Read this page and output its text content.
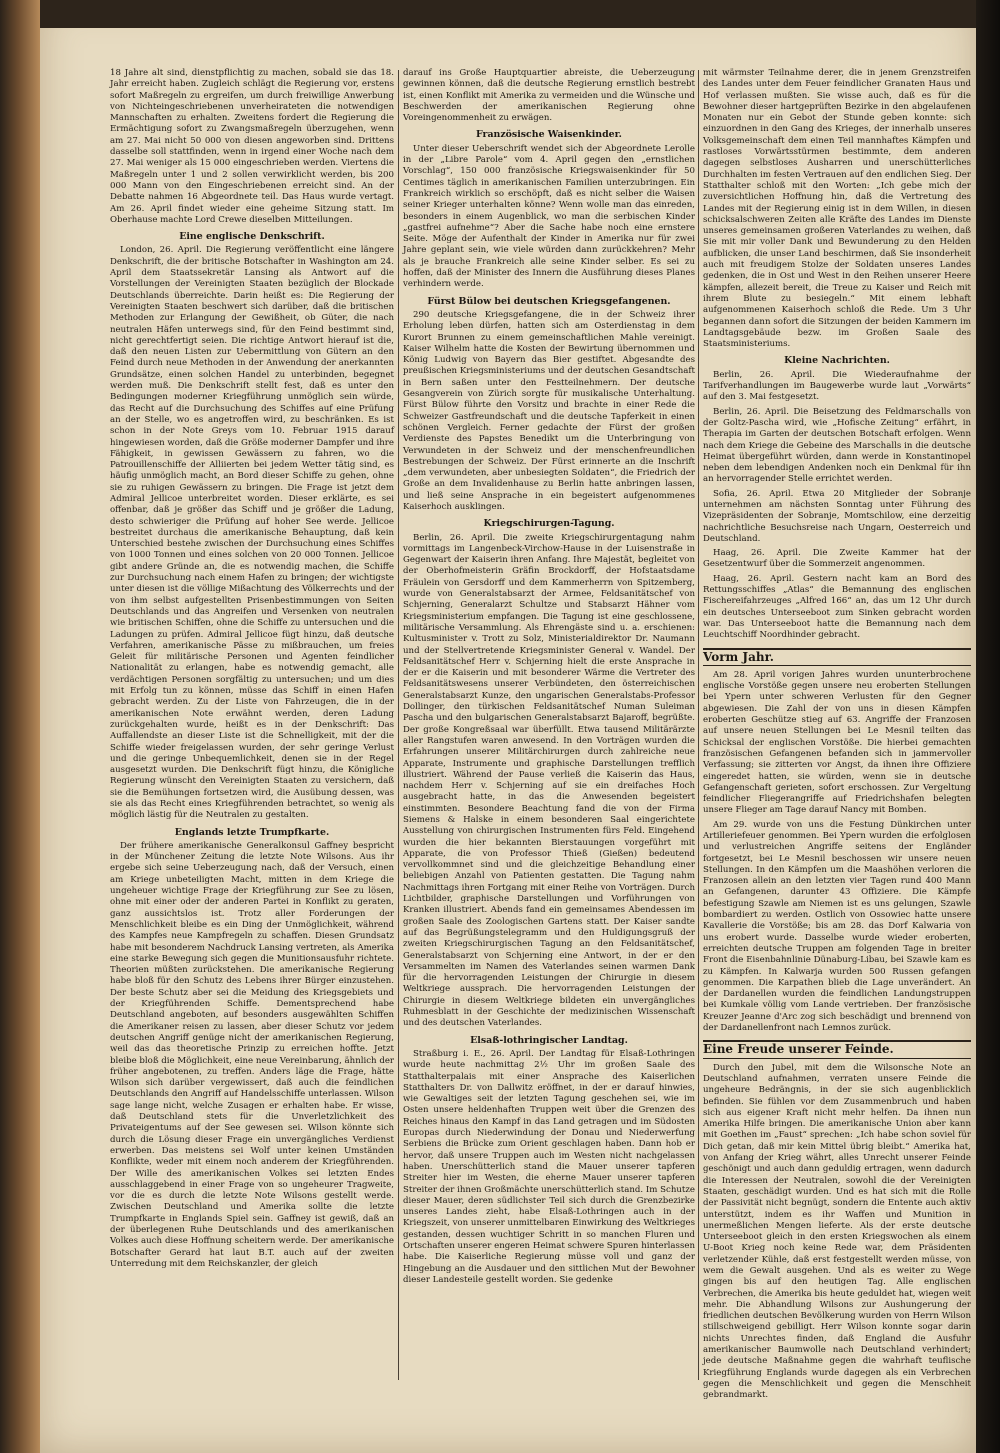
18 Jahre alt sind, dienstpflichtig zu machen, sobald sie das 18. Jahr erreicht haben. Zugleich schlägt die Regierung vor, erstens sofort Maßregeln zu ergreifen, um durch freiwillige Anwerbung von Nichteingeschriebenen unverheirateten die notwendigen Mannschaften zu erhalten. Zweitens fordert die Regierung die Ermächtigung sofort zu Zwangsmaßregeln überzugehen, wenn am 27. Mai nicht 50 000 von diesen angeworben sind. Drittens dasselbe soll stattfinden, wenn in irgend einer Woche nach dem 27. Mai weniger als 15 000 eingeschrieben werden. Viertens die Maßregeln unter 1 und 2 sollen verwirklicht werden, bis 200 000 Mann von den Eingeschriebenen erreicht sind. An der Debatte nahmen 16 Abgeordnete teil. Das Haus wurde vertagt. Am 26. April findet wieder eine geheime Sitzung statt. Im Oberhause machte Lord Crewe dieselben Mitteilungen.

Eine englische Denkschrift.

London, 26. April. Die Regierung veröffentlicht eine längere Denkschrift, die der britische Botschafter in Washington am 24. April dem Staatssekretär Lansing als Antwort auf die Vorstellungen der Vereinigten Staaten bezüglich der Blockade Deutschlands überreichte. Darin heißt es: Die Regierung der Vereinigten Staaten beschwert sich darüber, daß die britischen Methoden zur Erlangung der Gewißheit, ob Güter, die nach neutralen Häfen unterwegs sind, für den Feind bestimmt sind, nicht gerechtfertigt seien. Die richtige Antwort hierauf ist die, daß den neuen Listen zur Uebermittlung von Gütern an den Feind durch neue Methoden in der Anwendung der anerkannten Grundsätze, einen solchen Handel zu unterbinden, begegnet werden muß. Die Denkschrift stellt fest, daß es unter den Bedingungen moderner Kriegführung unmöglich sein würde, das Recht auf die Durchsuchung des Schiffes auf eine Prüfung an der Stelle, wo es angetroffen wird, zu beschränken. Es ist schon in der Note Greys vom 10. Februar 1915 darauf hingewiesen worden, daß die Größe moderner Dampfer und ihre Fähigkeit, in gewissen Gewässern zu fahren, wo die Patrouillenschiffe der Alliierten bei jedem Wetter tätig sind, es häufig unmöglich macht, an Bord dieser Schiffe zu gehen, ohne sie zu ruhigen Gewässern zu bringen. Die Frage ist jetzt dem Admiral Jellicoe unterbreitet worden. Dieser erklärte, es sei offenbar, daß je größer das Schiff und je größer die Ladung, desto schwieriger die Prüfung auf hoher See werde. Jellicoe bestreitet durchaus die amerikanische Behauptung, daß kein Unterschied bestehe zwischen der Durchsuchung eines Schiffes von 1000 Tonnen und eines solchen von 20 000 Tonnen. Jellicoe gibt andere Gründe an, die es notwendig machen, die Schiffe zur Durchsuchung nach einem Hafen zu bringen; der wichtigste unter diesen ist die völlige Mißachtung des Völkerrechts und der von ihm selbst aufgestellten Prisenbestimmungen von Seiten Deutschlands und das Angreifen und Versenken von neutralen wie britischen Schiffen, ohne die Schiffe zu untersuchen und die Ladungen zu prüfen. Admiral Jellicoe fügt hinzu, daß deutsche Verfahren, amerikanische Pässe zu mißbrauchen, um freies Geleit für militärische Personen und Agenten feindlicher Nationalität zu erlangen, habe es notwendig gemacht, alle verdächtigen Personen sorgfältig zu untersuchen; und um dies mit Erfolg tun zu können, müsse das Schiff in einen Hafen gebracht werden. Zu der Liste von Fahrzeugen, die in der amerikanischen Note erwähnt werden, deren Ladung zurückgehalten wurde, heißt es in der Denkschrift: Das Auffallendste an dieser Liste ist die Schnelligkeit, mit der die Schiffe wieder freigelassen wurden, der sehr geringe Verlust und die geringe Unbequemlichkeit, denen sie in der Regel ausgesetzt wurden. Die Denkschrift fügt hinzu, die Königliche Regierung wünscht den Vereinigten Staaten zu versichern, daß sie die Bemühungen fortsetzen wird, die Ausübung dessen, was sie als das Recht eines Kriegführenden betrachtet, so wenig als möglich lästig für die Neutralen zu gestalten.

Englands letzte Trumpfkarte.

Der frühere amerikanische Generalkonsul Gaffney bespricht in der Münchener Zeitung die letzte Note Wilsons. Aus ihr ergebe sich seine Ueberzeugung nach, daß der Versuch, einen am Kriege unbeteiligten Macht, mitten in dem Kriege die ungeheuer wichtige Frage der Kriegführung zur See zu lösen, ohne mit einer oder der anderen Partei in Konflikt zu geraten, ganz aussichtslos ist. Trotz aller Forderungen der Menschlichkeit bleibe es ein Ding der Unmöglichkeit, während des Kampfes neue Kampfregeln zu schaffen. Diesen Grundsatz habe mit besonderem Nachdruck Lansing vertreten, als Amerika eine starke Bewegung sich gegen die Munitionsausfuhr richtete. Theorien müßten zurückstehen. Die amerikanische Regierung habe bloß für den Schutz des Lebens ihrer Bürger einzustehen. Der beste Schutz aber sei die Meidung des Kriegsgebiets und der Kriegführenden Schiffe. Dementsprechend habe Deutschland angeboten, auf besonders ausgewählten Schiffen die Amerikaner reisen zu lassen, aber dieser Schutz vor jedem deutschen Angriff genüge nicht der amerikanischen Regierung, weil das das theoretische Prinzip zu erreichen hoffte. Jetzt bleibe bloß die Möglichkeit, eine neue Vereinbarung, ähnlich der früher angebotenen, zu treffen. Anders läge die Frage, hätte Wilson sich darüber vergewissert, daß auch die feindlichen Deutschlands den Angriff auf Handelsschiffe unterlassen. Wilson sage lange nicht, welche Zusagen er erhalten habe. Er wisse, daß Deutschland stets für die Unverletzlichkeit des Privateigentums auf der See gewesen sei. Wilson könnte sich durch die Lösung dieser Frage ein unvergängliches Verdienst erwerben. Das meistens sei Wolf unter keinen Umständen Konflikte, weder mit einem noch anderem der Kriegführenden. Der Wille des amerikanischen Volkes sei letzten Endes ausschlaggebend in einer Frage von so ungeheurer Tragweite, vor die es durch die letzte Note Wilsons gestellt werde. Zwischen Deutschland und Amerika sollte die letzte Trumpfkarte in Englands Spiel sein. Gaffney ist gewiß, daß an der überlegenen Ruhe Deutschlands und des amerikanischen Volkes auch diese Hoffnung scheitern werde. Der amerikanische Botschafter Gerard hat laut B.T. auch auf der zweiten Unterredung mit dem Reichskanzler, der gleich

darauf ins Große Hauptquartier abreiste, die Ueberzeugung gewinnen können, daß die deutsche Regierung ernstlich bestrebt ist, einen Konflikt mit Amerika zu vermeiden und die Wünsche und Beschwerden der amerikanischen Regierung ohne Voreingenommenheit zu erwägen.

Französische Waisenkinder.

Unter dieser Ueberschrift wendet sich der Abgeordnete Lerolle in der „Libre Parole“ vom 4. April gegen den „ernstlichen Vorschlag“, 150 000 französische Kriegswaisenkinder für 50 Centimes täglich in amerikanischen Familien unterzubringen. Ein Frankreich wirklich so erschöpft, daß es nicht selber die Waisen seiner Krieger unterhalten könne? Wenn wolle man das einreden, besonders in einem Augenblick, wo man die serbischen Kinder „gastfrei aufnehme“? Aber die Sache habe noch eine ernstere Seite. Möge der Aufenthalt der Kinder in Amerika nur für zwei Jahre geplant sein, wie viele würden dann zurückkehren? Mehr als je brauche Frankreich alle seine Kinder selber. Es sei zu hoffen, daß der Minister des Innern die Ausführung dieses Planes verhindern werde.

Fürst Bülow bei deutschen Kriegsgefangenen.

290 deutsche Kriegsgefangene, die in der Schweiz ihrer Erholung leben dürfen, hatten sich am Osterdienstag in dem Kurort Brunnen zu einem gemeinschaftlichen Mahle vereinigt. Kaiser Wilhelm hatte die Kosten der Bewirtung übernommen und König Ludwig von Bayern das Bier gestiftet. Abgesandte des preußischen Kriegsministeriums und der deutschen Gesandtschaft in Bern saßen unter den Festteilnehmern. Der deutsche Gesangverein von Zürich sorgte für musikalische Unterhaltung. Fürst Bülow führte den Vorsitz und brachte in einer Rede die Schweizer Gastfreundschaft und die deutsche Tapferkeit in einen schönen Vergleich. Ferner gedachte der Fürst der großen Verdienste des Papstes Benedikt um die Unterbringung von Verwundeten in der Schweiz und der menschenfreundlichen Bestrebungen der Schweiz. Der Fürst erinnerte an die Inschrift „dem verwundeten, aber unbesiegten Soldaten“, die Friedrich der Große an dem Invalidenhause zu Berlin hatte anbringen lassen, und ließ seine Ansprache in ein begeistert aufgenommenes Kaiserhoch ausklingen.

Kriegschirurgen-Tagung.

Berlin, 26. April. Die zweite Kriegschirurgentagung nahm vormittags im Langenbeck-Virchow-Hause in der Luisenstraße in Gegenwart der Kaiserin ihren Anfang. Ihre Majestät, begleitet von der Oberhofmeisterin Gräfin Brockdorff, der Hofstaatsdame Fräulein von Gersdorff und dem Kammerherrn von Spitzemberg, wurde von Generalstabsarzt der Armee, Feldsanitätschef von Schjerning, Generalarzt Schultze und Stabsarzt Hähner vom Kriegsministerium empfangen. Die Tagung ist eine geschlossene, militärische Versammlung. Als Ehrengäste sind u. a. erschienen: Kultusminister v. Trott zu Solz, Ministerialdirektor Dr. Naumann und der Stellvertretende Kriegsminister General v. Wandel. Der Feldsanitätschef Herr v. Schjerning hielt die erste Ansprache in der er die Kaiserin und mit besonderer Wärme die Vertreter des Feldsanitätswesens unserer Verbündeten, den österreichischen Generalstabsarzt Kunze, den ungarischen Generalstabs-Professor Dollinger, den türkischen Feldsanitätschef Numan Suleiman Pascha und den bulgarischen Generalstabsarzt Bajaroff, begrüßte. Der große Kongreßsaal war überfüllt. Etwa tausend Militärärzte aller Rangstufen waren anwesend. In den Vorträgen wurden die Erfahrungen unserer Militärchirurgen durch zahlreiche neue Apparate, Instrumente und graphische Darstellungen trefflich illustriert. Während der Pause verließ die Kaiserin das Haus, nachdem Herr v. Schjerning auf sie ein dreifaches Hoch ausgebracht hatte, in das die Anwesenden begeistert einstimmten. Besondere Beachtung fand die von der Firma Siemens & Halske in einem besonderen Saal eingerichtete Ausstellung von chirurgischen Instrumenten fürs Feld. Eingehend wurden die hier bekannten Bierstauungen vorgeführt mit Apparate, die von Professor Thieß (Gießen) bedeutend vervollkommnet sind und die gleichzeitige Behandlung einer beliebigen Anzahl von Patienten gestatten. Die Tagung nahm Nachmittags ihren Fortgang mit einer Reihe von Vorträgen. Durch Lichtbilder, graphische Darstellungen und Vorführungen von Kranken illustriert. Abends fand ein gemeinsames Abendessen im großen Saale des Zoologischen Gartens statt. Der Kaiser sandte auf das Begrüßungstelegramm und den Huldigungsgruß der zweiten Kriegschirurgischen Tagung an den Feldsanitätschef, Generalstabsarzt von Schjerning eine Antwort, in der er den Versammelten im Namen des Vaterlandes seinen warmen Dank für die hervorragenden Leistungen der Chirurgie in diesem Weltkriege aussprach. Die hervorragenden Leistungen der Chirurgie in diesem Weltkriege bildeten ein unvergängliches Ruhmesblatt in der Geschichte der medizinischen Wissenschaft und des deutschen Vaterlandes.

Elsaß-lothringischer Landtag.

Straßburg i. E., 26. April. Der Landtag für Elsaß-Lothringen wurde heute nachmittag 2½ Uhr im großen Saale des Statthalterpalais mit einer Ansprache des Kaiserlichen Statthalters Dr. von Dallwitz eröffnet, in der er darauf hinwies, wie Gewaltiges seit der letzten Tagung geschehen sei, wie im Osten unsere heldenhaften Truppen weit über die Grenzen des Reiches hinaus den Kampf in das Land getragen und im Südosten Europas durch Niederwindung der Donau und Niederwerfung Serbiens die Brücke zum Orient geschlagen haben. Dann hob er hervor, daß unsere Truppen auch im Westen nicht nachgelassen haben. Unerschütterlich stand die Mauer unserer tapferen Streiter hier im Westen, die eherne Mauer unserer tapferen Streiter der ihnen Großmächte unerschütterlich stand. Im Schutze dieser Mauer, deren südlichster Teil sich durch die Grenzbezirke unseres Landes zieht, habe Elsaß-Lothringen auch in der Kriegszeit, von unserer unmittelbaren Einwirkung des Weltkrieges gestanden, dessen wuchtiger Schritt in so manchen Fluren und Ortschaften unserer engeren Heimat schwere Spuren hinterlassen habe. Die Kaiserliche Regierung müsse voll und ganz der Hingebung an die Ausdauer und den sittlichen Mut der Bewohner dieser Landesteile gestellt worden. Sie gedenke

mit wärmster Teilnahme derer, die in jenem Grenzstreifen des Landes unter dem Feuer feindlicher Granaten Haus und Hof verlassen mußten. Sie wisse auch, daß es für die Bewohner dieser hartgeprüften Bezirke in den abgelaufenen Monaten nur ein Gebot der Stunde geben konnte: sich einzuordnen in den Gang des Krieges, der innerhalb unseres Volksgemeinschaft dem einen Teil mannhaftes Kämpfen und rastloses Vorwärtsstürmen bestimmte, dem anderen dagegen selbstloses Ausharren und unerschütterliches Durchhalten im festen Vertrauen auf den endlichen Sieg. Der Statthalter schloß mit den Worten: „Ich gebe mich der zuversichtlichen Hoffnung hin, daß die Vertretung des Landes mit der Regierung einig ist in dem Willen, in diesen schicksalschweren Zeiten alle Kräfte des Landes im Dienste unseres gemeinsamen großeren Vaterlandes zu weihen, daß Sie mit mir voller Dank und Bewunderung zu den Helden aufblicken, die unser Land beschirmen, daß Sie insonderheit auch mit freudigem Stolze der Soldaten unseres Landes gedenken, die in Ost und West in den Reihen unserer Heere kämpfen, allezeit bereit, die Treue zu Kaiser und Reich mit ihrem Blute zu besiegeln.“ Mit einem lebhaft aufgenommenen Kaiserhoch schloß die Rede. Um 3 Uhr begannen dann sofort die Sitzungen der beiden Kammern im Landtagsgebäude bezw. im Großen Saale des Staatsministeriums.

Kleine Nachrichten.

Berlin, 26. April. Die Wiederaufnahme der Tarifverhandlungen im Baugewerbe wurde laut „Vorwärts“ auf den 3. Mai festgesetzt.

Berlin, 26. April. Die Beisetzung des Feldmarschalls von der Goltz-Pascha wird, wie „Hofische Zeitung“ erfährt, in Therapia im Garten der deutschen Botschaft erfolgen. Wenn nach dem Kriege die Gebeine des Marschalls in die deutsche Heimat übergeführt würden, dann werde in Konstantinopel neben dem lebendigen Andenken noch ein Denkmal für ihn an hervorragender Stelle errichtet werden.

Sofia, 26. April. Etwa 20 Mitglieder der Sobranje unternehmen am nächsten Sonntag unter Führung des Vizepräsidenten der Sobranje, Momtschilow, eine derzeitig nachrichtliche Besuchsreise nach Ungarn, Oesterreich und Deutschland.

Haag, 26. April. Die Zweite Kammer hat der Gesetzentwurf über die Sommerzeit angenommen.

Haag, 26. April. Gestern nacht kam an Bord des Rettungsschiffes „Atlas“ die Bemannung des englischen Fischereifahrzeuges „Alfred 166“ an, das um 12 Uhr durch ein deutsches Unterseeboot zum Sinken gebracht worden war. Das Unterseeboot hatte die Bemannung nach dem Leuchtschiff Noordhinder gebracht.

Vorm Jahr.

Am 28. April vorigen Jahres wurden ununterbrochene englische Vorstöße gegen unsere neu eroberten Stellungen bei Ypern unter schweren Verlusten für den Gegner abgewiesen. Die Zahl der von uns in diesen Kämpfen eroberten Geschütze stieg auf 63. Angriffe der Franzosen auf unsere neuen Stellungen bei Le Mesnil teilten das Schicksal der englischen Vorstöße. Die hierbei gemachten französischen Gefangenen befanden sich in jammervoller Verfassung; sie zitterten vor Angst, da ihnen ihre Offiziere eingeredet hatten, sie würden, wenn sie in deutsche Gefangenschaft gerieten, sofort erschossen. Zur Vergeltung feindlicher Fliegerangriffe auf Friedrichshafen belegten unsere Flieger am Tage darauf Nancy mit Bomben.

Am 29. wurde von uns die Festung Dünkirchen unter Artilleriefeuer genommen. Bei Ypern wurden die erfolglosen und verlustreichen Angriffe seitens der Engländer fortgesetzt, bei Le Mesnil beschossen wir unsere neuen Stellungen. In den Kämpfen um die Maashöhen verloren die Franzosen allein an den letzten vier Tagen rund 400 Mann an Gefangenen, darunter 43 Offiziere. Die Kämpfe befestigung Szawle am Niemen ist es uns gelungen, Szawle bombardiert zu werden. Ostlich von Ossowiec hatte unsere Kavallerie die Vorstöße; bis am 28. das Dorf Kalwaria von uns erobert wurde. Dasselbe wurde wieder eroberten, erreichten deutsche Truppen am folgenden Tage in breiter Front die Eisenbahnlinie Dünaburg-Libau, bei Szawle kam es zu Kämpfen. In Kalwarja wurden 500 Russen gefangen genommen. Die Karpathen blieb die Lage unverändert. An der Dardanellen wurden die feindlichen Landungstruppen bei Kumkale völlig vom Lande vertrieben. Der französische Kreuzer Jeanne d'Arc zog sich beschädigt und brennend von der Dardanellenfront nach Lemnos zurück.

Eine Freude unserer Feinde.

Durch den Jubel, mit dem die Wilsonsche Note an Deutschland aufnahmen, verraten unsere Feinde die ungeheure Bedrängnis, in der sie sich augenblicklich befinden. Sie fühlen vor dem Zusammenbruch und haben sich aus eigener Kraft nicht mehr helfen. Da ihnen nun Amerika Hilfe bringen. Die amerikanische Union aber kann mit Goethen im „Faust“ sprechen: „Ich habe schon soviel für Dich getan, daß mir kein Mittel übrig bleibt.“ Amerika hat, von Anfang der Krieg währt, alles Unrecht unserer Feinde geschönigt und auch dann geduldig ertragen, wenn dadurch die Interessen der Neutralen, sowohl die der Vereinigten Staaten, geschädigt wurden. Und es hat sich mit die Rolle der Passivität nicht begnügt, sondern die Entente auch aktiv unterstützt, indem es ihr Waffen und Munition in unermeßlichen Mengen lieferte. Als der erste deutsche Unterseeboot gleich in den ersten Kriegswochen als einem U-Boot Krieg noch keine Rede war, dem Präsidenten verletzender Kühle, daß erst festgestellt werden müsse, von wem die Gewalt ausgehen. Und als es weiter zu Wege gingen bis auf den heutigen Tag. Alle englischen Verbrechen, die Amerika bis heute geduldet hat, wiegen weit mehr. Die Abhandlung Wilsons zur Aushungerung der friedlichen deutschen Bevölkerung wurden von Herrn Wilson stillschweigend gebilligt. Herr Wilson konnte sogar darin nichts Unrechtes finden, daß England die Ausfuhr amerikanischer Baumwolle nach Deutschland verhindert; jede deutsche Maßnahme gegen die wahrhaft teuflische Kriegführung Englands wurde dagegen als ein Verbrechen gegen die Menschlichkeit und gegen die Menschheit gebrandmarkt.
